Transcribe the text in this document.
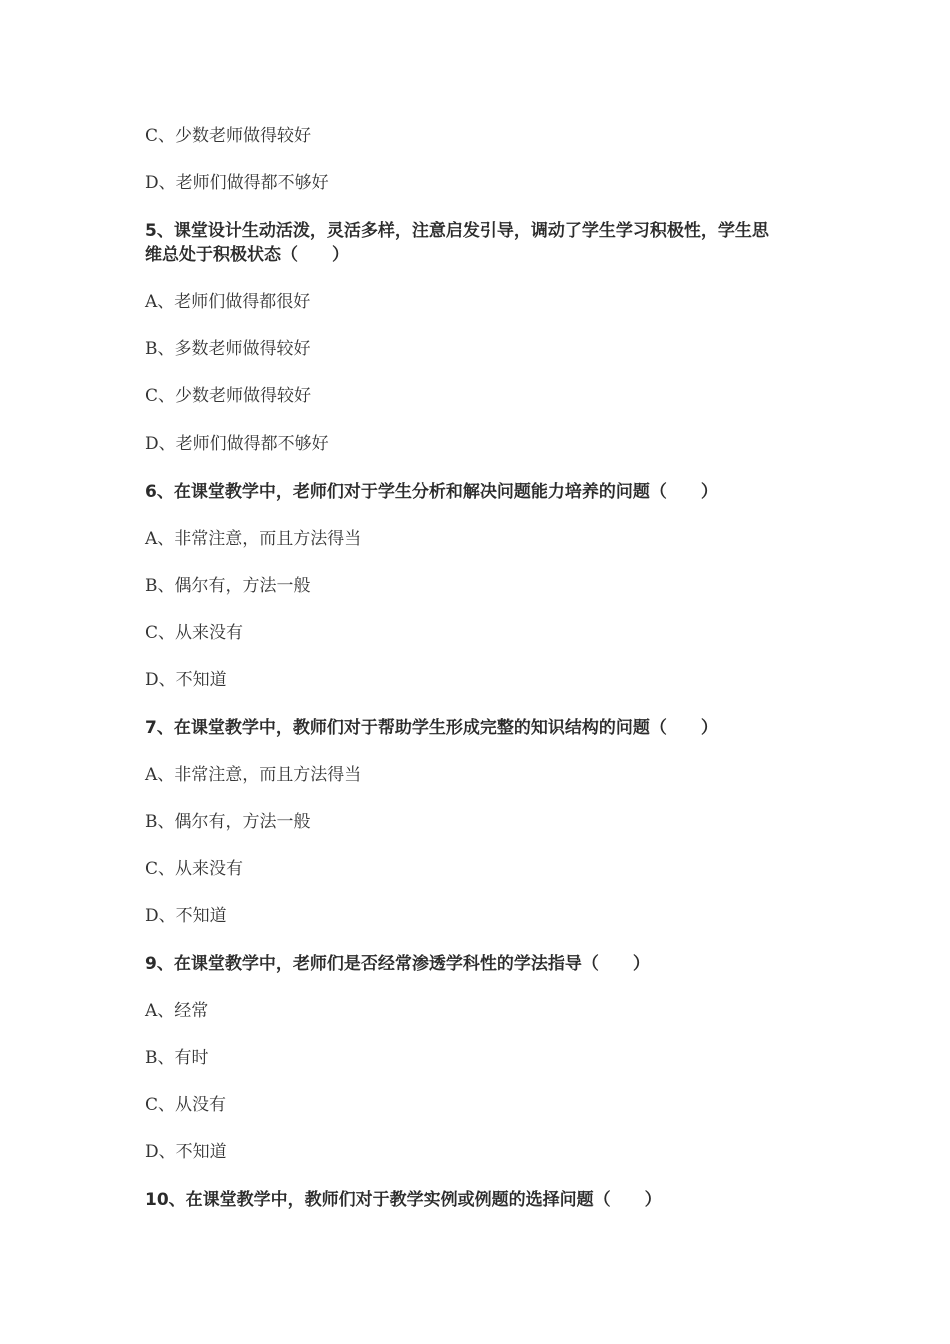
C、少数老师做得较好
D、老师们做得都不够好
5、课堂设计生动活泼，灵活多样，注意启发引导，调动了学生学习积极性，学生思
维总处于积极状态（　　）
A、老师们做得都很好
B、多数老师做得较好
C、少数老师做得较好
D、老师们做得都不够好
6、在课堂教学中，老师们对于学生分析和解决问题能力培养的问题（　　）
A、非常注意，而且方法得当
B、偶尔有，方法一般
C、从来没有
D、不知道
7、在课堂教学中，教师们对于帮助学生形成完整的知识结构的问题（　　）
A、非常注意，而且方法得当
B、偶尔有，方法一般
C、从来没有
D、不知道
9、在课堂教学中，老师们是否经常渗透学科性的学法指导（　　）
A、经常
B、有时
C、从没有
D、不知道
10、在课堂教学中，教师们对于教学实例或例题的选择问题（　　）
